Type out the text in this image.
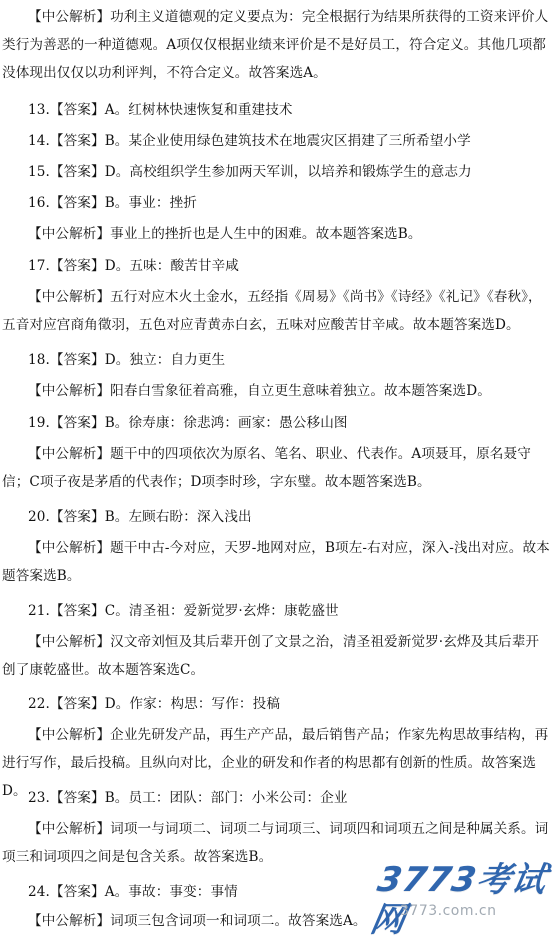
【中公解析】功利主义道德观的定义要点为：完全根据行为结果所获得的工资来评价人类行为善恶的一种道德观。A项仅仅根据业绩来评价是不是好员工，符合定义。其他几项都没体现出仅仅以功利评判，不符合定义。故答案选A。
13.【答案】A。红树林快速恢复和重建技术
14.【答案】B。某企业使用绿色建筑技术在地震灾区捐建了三所希望小学
15.【答案】D。高校组织学生参加两天军训，以培养和锻炼学生的意志力
16.【答案】B。事业：挫折
【中公解析】事业上的挫折也是人生中的困难。故本题答案选B。
17.【答案】D。五味：酸苦甘辛咸
【中公解析】五行对应木火土金水，五经指《周易》《尚书》《诗经》《礼记》《春秋》，五音对应宫商角徵羽，五色对应青黄赤白玄，五味对应酸苦甘辛咸。故本题答案选D。
18.【答案】D。独立：自力更生
【中公解析】阳春白雪象征着高雅，自立更生意味着独立。故本题答案选D。
19.【答案】B。徐寿康：徐悲鸿：画家：愚公移山图
【中公解析】题干中的四项依次为原名、笔名、职业、代表作。A项聂耳，原名聂守信；C项子夜是茅盾的代表作；D项李时珍，字东璧。故本题答案选B。
20.【答案】B。左顾右盼：深入浅出
【中公解析】题干中古-今对应，天罗-地网对应，B项左-右对应，深入-浅出对应。故本题答案选B。
21.【答案】C。清圣祖：爱新觉罗·玄烨：康乾盛世
【中公解析】汉文帝刘恒及其后辈开创了文景之治，清圣祖爱新觉罗·玄烨及其后辈开创了康乾盛世。故本题答案选C。
22.【答案】D。作家：构思：写作：投稿
【中公解析】企业先研发产品，再生产产品，最后销售产品；作家先构思故事结构，再进行写作，最后投稿。且纵向对比，企业的研发和作者的构思都有创新的性质。故答案选D。 23.【答案】B。员工：团队：部门：小米公司：企业
【中公解析】词项一与词项二、词项二与词项三、词项四和词项五之间是种属关系。词项三和词项四之间是包含关系。故答案选B。
24.【答案】A。事故：事变：事情
【中公解析】词项三包含词项一和词项二。故答案选A。
3773考试网
3773.com.cn
